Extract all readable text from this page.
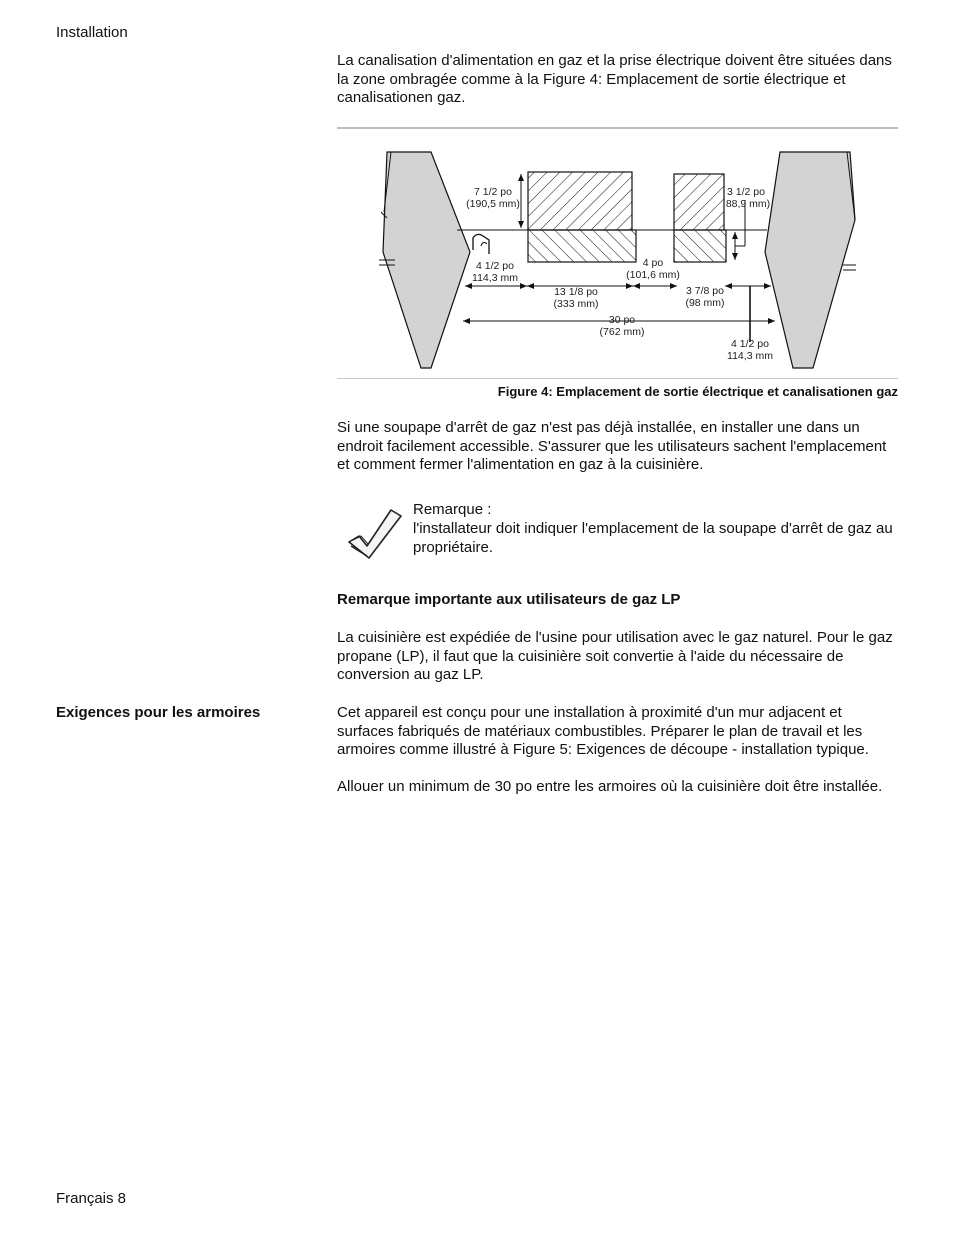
Installation
La canalisation d'alimentation en gaz et la prise électrique doivent être situées dans la zone ombragée comme à la Figure 4: Emplacement de sortie électrique et canalisationen gaz.
7 1/2 po
(190,5 mm)
3 1/2 po
88,9 mm)
4 1/2 po
114,3 mm
4 po
(101,6 mm)
13 1/8 po
(333 mm)
3 7/8 po
(98 mm)
30 po
(762 mm)
4 1/2 po
114,3 mm
Figure 4: Emplacement de sortie électrique et canalisationen gaz
Si une soupape d'arrêt de gaz n'est pas déjà installée, en installer une dans un endroit facilement accessible. S'assurer que les utilisateurs sachent l'emplacement et comment fermer l'alimentation en gaz à la cuisinière.
Remarque :
l'installateur doit indiquer l'emplacement de la soupape d'arrêt de gaz au propriétaire.
Remarque importante aux utilisateurs de gaz LP
La cuisinière est expédiée de l'usine pour utilisation avec le gaz naturel. Pour le gaz propane (LP), il faut que la cuisinière soit convertie à l'aide du nécessaire de conversion au gaz LP.
Exigences pour les armoires	Cet appareil est conçu pour une installation à proximité d'un mur adjacent et surfaces fabriqués de matériaux combustibles. Préparer le plan de travail et les armoires comme illustré à Figure 5: Exigences de découpe - installation typique.
Allouer un minimum de 30 po entre les armoires où la cuisinière doit être installée.
Français 8
